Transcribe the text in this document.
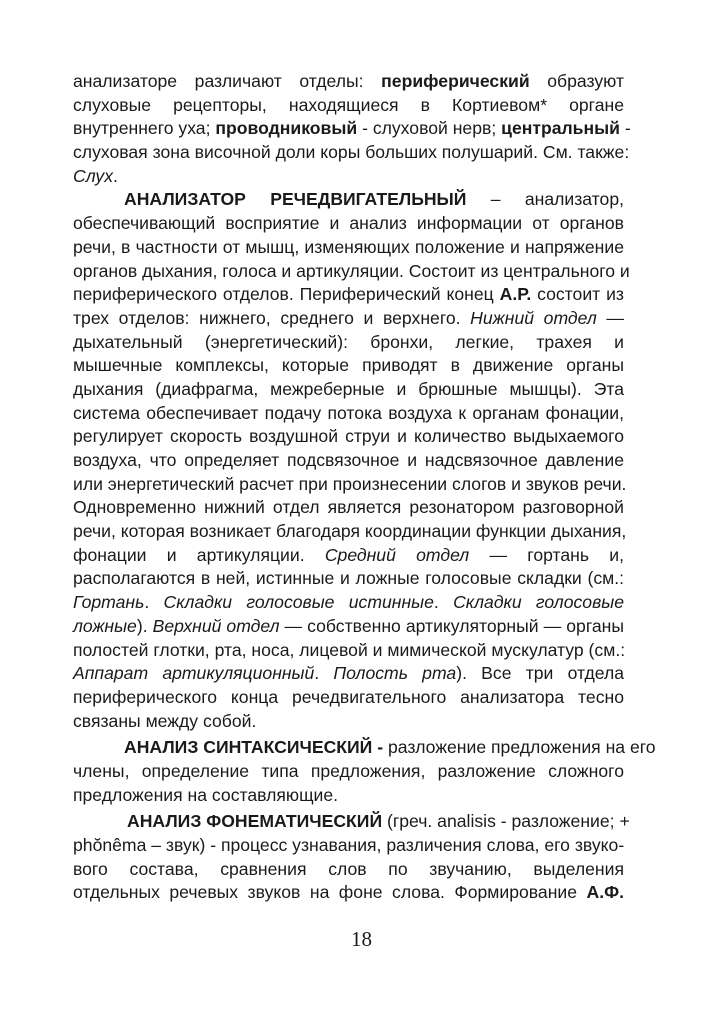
анализаторе различают отделы: периферический образуют
слуховые рецепторы, находящиеся в Кортиевом* органе
внутреннего уха; проводниковый - слуховой нерв; центральный -
слуховая зона височной доли коры больших полушарий. См. также:
Слух.
АНАЛИЗАТОР РЕЧЕДВИГАТЕЛЬНЫЙ – анализатор,
обеспечивающий восприятие и анализ информации от органов
речи, в частности от мышц, изменяющих положение и напряжение
органов дыхания, голоса и артикуляции. Состоит из центрального и
периферического отделов. Периферический конец А.Р. состоит из
трех отделов: нижнего, среднего и верхнего. Нижний отдел —
дыхательный (энергетический): бронхи, легкие, трахея и
мышечные комплексы, которые приводят в движение органы
дыхания (диафрагма, межреберные и брюшные мышцы). Эта
система обеспечивает подачу потока воздуха к органам фонации,
регулирует скорость воздушной струи и количество выдыхаемого
воздуха, что определяет подсвязочное и надсвязочное давление
или энергетический расчет при произнесении слогов и звуков речи.
Одновременно нижний отдел является резонатором разговорной
речи, которая возникает благодаря координации функции дыхания,
фонации и артикуляции. Средний отдел — гортань и,
располагаются в ней, истинные и ложные голосовые складки (см.:
Гортань. Складки голосовые истинные. Складки голосовые
ложные). Верхний отдел — собственно артикуляторный — органы
полостей глотки, рта, носа, лицевой и мимической мускулатур (см.:
Аппарат артикуляционный. Полость рта). Все три отдела
периферического конца речедвигательного анализатора тесно
связаны между собой.
АНАЛИЗ СИНТАКСИЧЕСКИЙ - разложение предложения на его
члены, определение типа предложения, разложение сложного
предложения на составляющие.
АНАЛИЗ ФОНЕМАТИЧЕСКИЙ (греч. analisis - разложение; +
phŏnêma – звук) - процесс узнавания, различения слова, его звуко-
вого состава, сравнения слов по звучанию, выделения
отдельных речевых звуков на фоне слова. Формирование А.Ф.
18
